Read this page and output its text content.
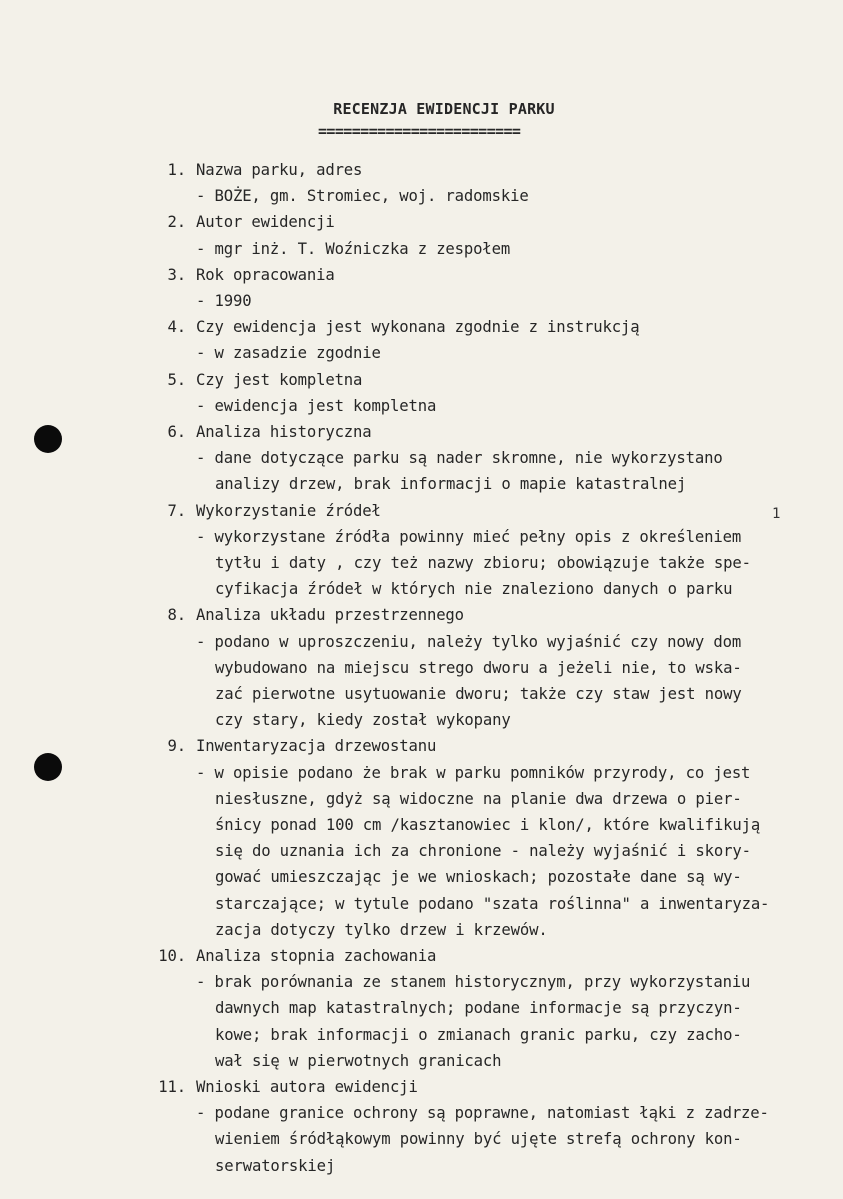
RECENZJA EWIDENCJI PARKU
========================
1
1. Nazwa parku, adres
- BOŻE, gm. Stromiec, woj. radomskie
2. Autor ewidencji
- mgr inż. T. Woźniczka z zespołem
3. Rok opracowania
- 1990
4. Czy ewidencja jest wykonana zgodnie z instrukcją
- w zasadzie zgodnie
5. Czy jest kompletna
- ewidencja jest kompletna
6. Analiza historyczna
- dane dotyczące parku są nader skromne, nie wykorzystano
analizy drzew, brak informacji o mapie katastralnej
7. Wykorzystanie źródeł
- wykorzystane źródła powinny mieć pełny opis z określeniem
tytłu i daty , czy też nazwy zbioru; obowiązuje także spe-
cyfikacja źródeł w których nie znaleziono danych o parku
8. Analiza układu przestrzennego
- podano w uproszczeniu, należy tylko wyjaśnić czy nowy dom
wybudowano na miejscu strego dworu a jeżeli nie, to wska-
zać pierwotne usytuowanie dworu; także czy staw jest nowy
czy stary, kiedy został wykopany
9. Inwentaryzacja drzewostanu
- w opisie podano że brak w parku pomników przyrody, co jest
niesłuszne, gdyż są widoczne na planie dwa drzewa o pier-
śnicy ponad 100 cm /kasztanowiec i klon/, które kwalifikują
się do uznania ich za chronione - należy wyjaśnić i skory-
gować umieszczając je we wnioskach; pozostałe dane są wy-
starczające; w tytule podano "szata roślinna" a inwentaryza-
zacja dotyczy tylko drzew i krzewów.
10. Analiza stopnia zachowania
- brak porównania ze stanem historycznym, przy wykorzystaniu
dawnych map katastralnych; podane informacje są przyczyn-
kowe; brak informacji o zmianach granic parku, czy zacho-
wał się w pierwotnych granicach
11. Wnioski autora ewidencji
- podane granice ochrony są poprawne, natomiast łąki z zadrze-
wieniem śródłąkowym powinny być ujęte strefą ochrony kon-
serwatorskiej
